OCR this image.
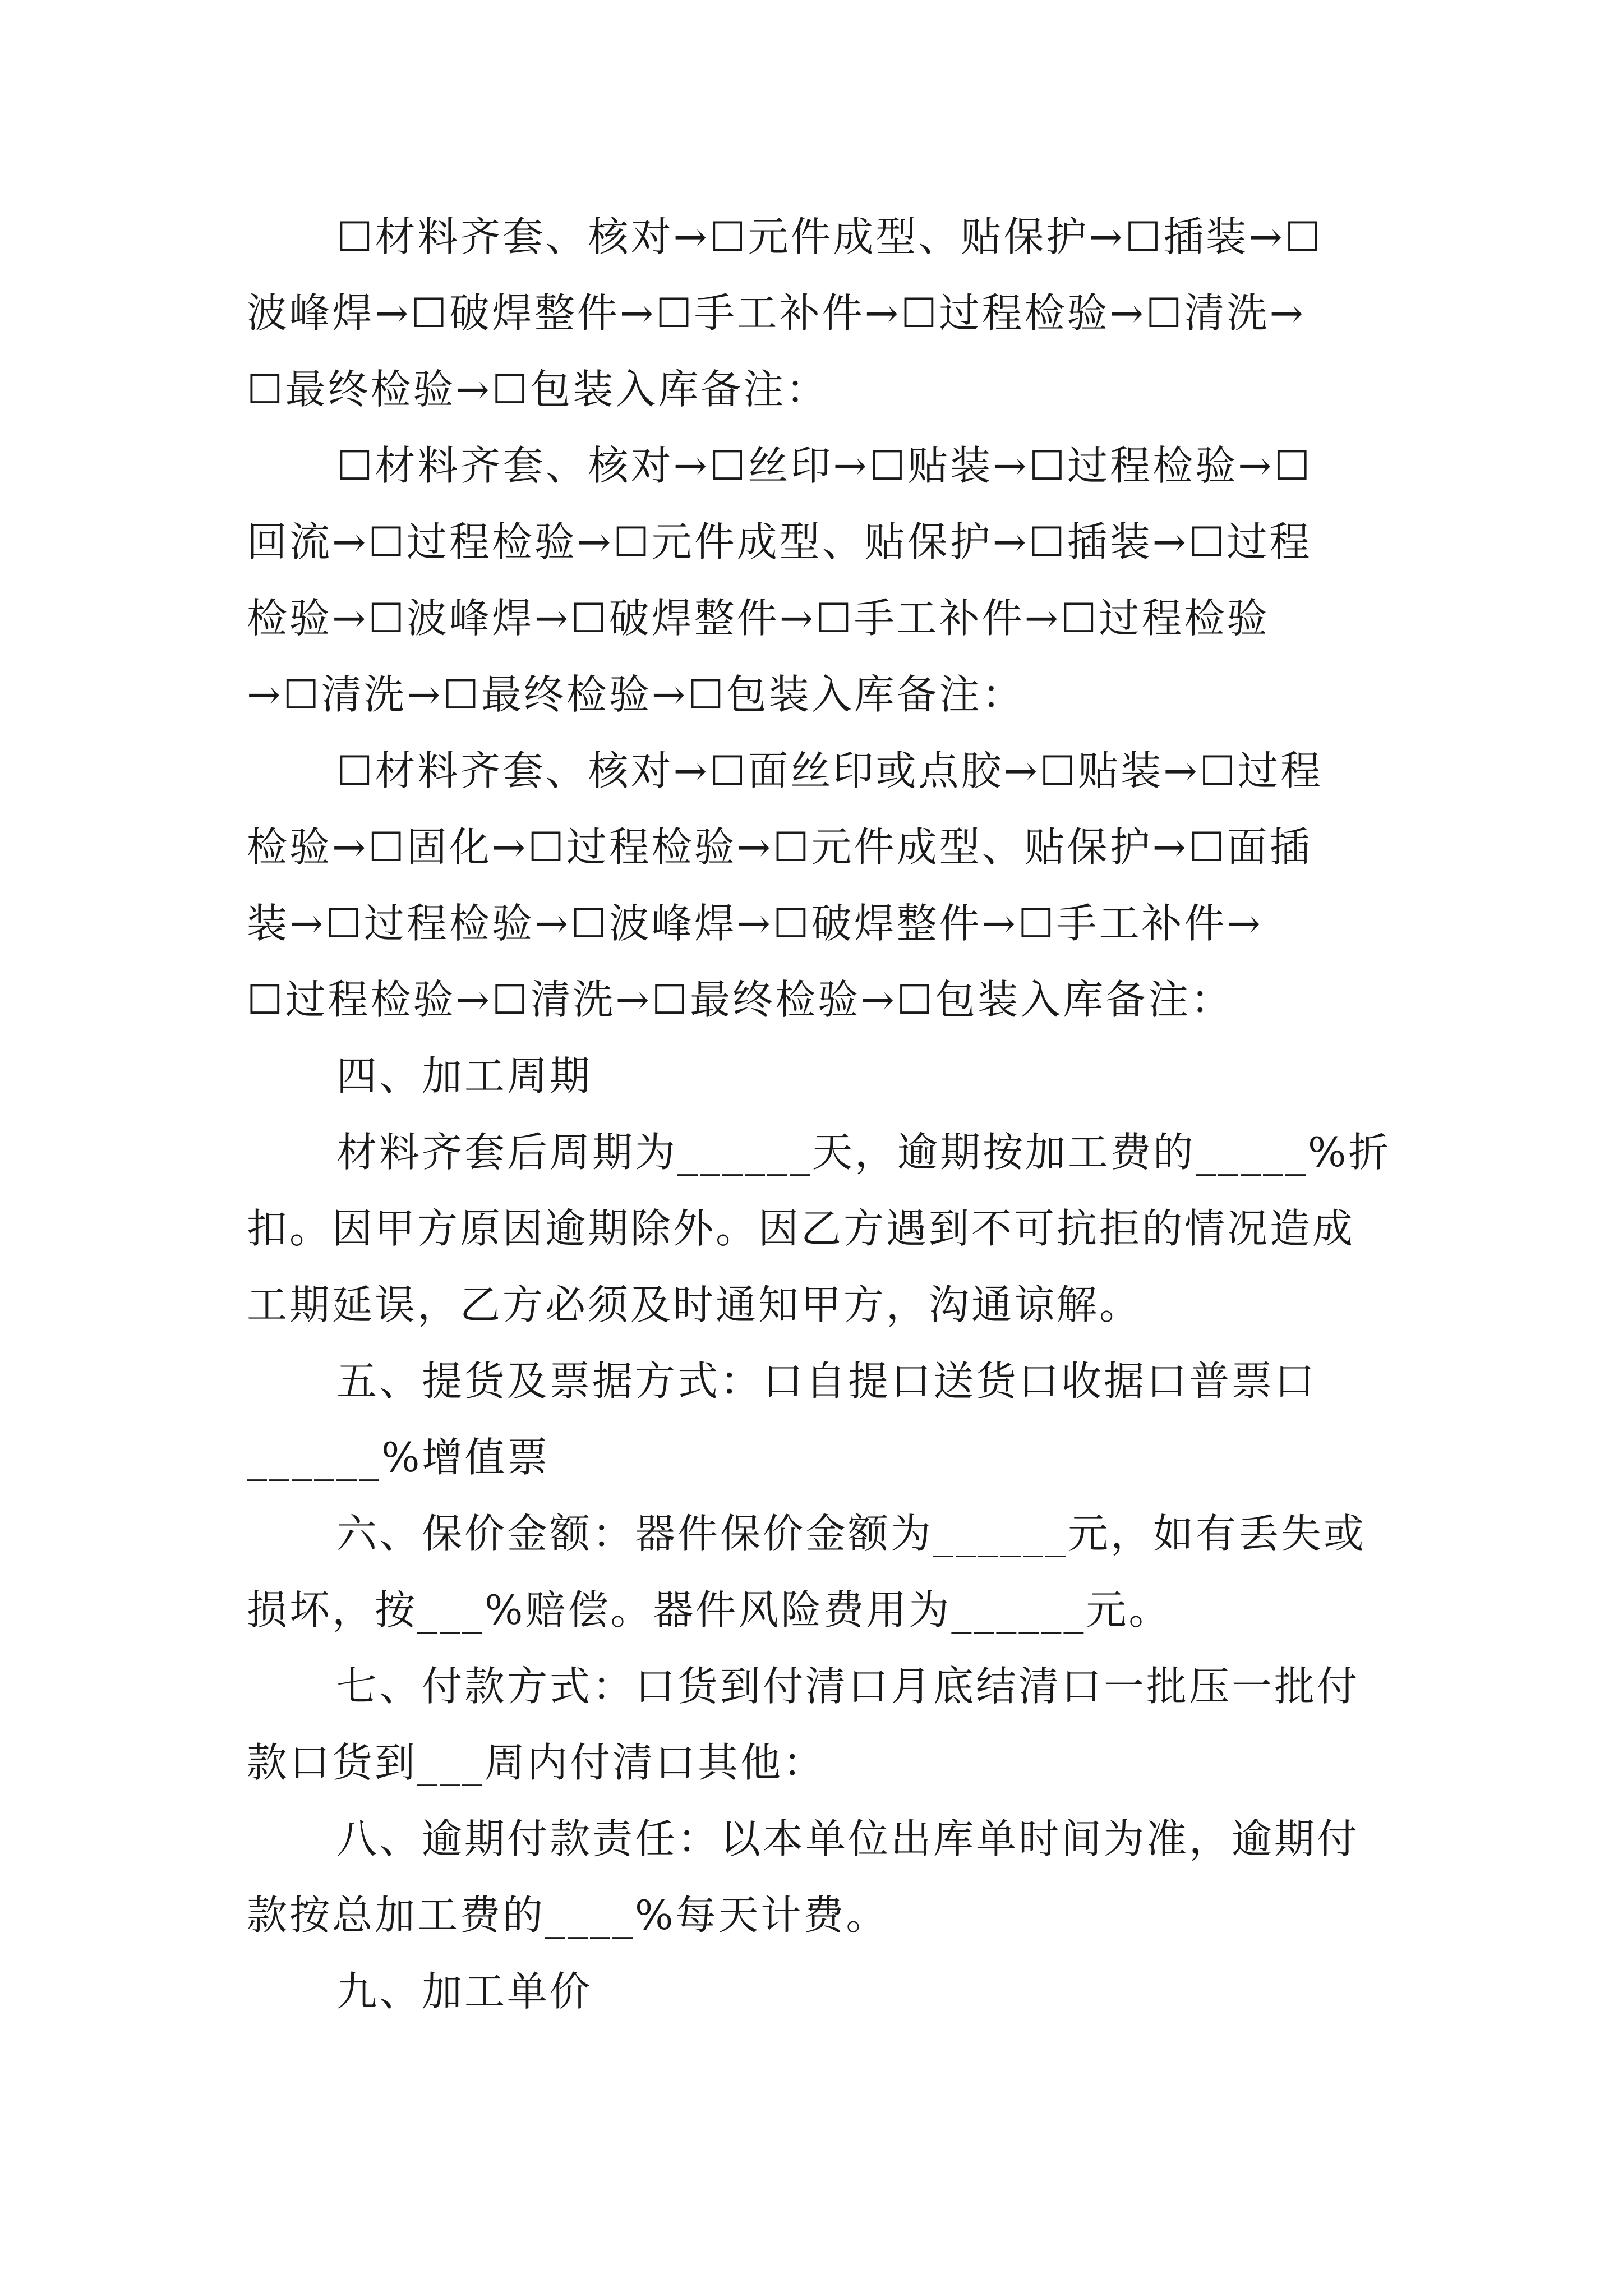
☐材料齐套、核对→☐元件成型、贴保护→☐插装→☐

波峰焊→☐破焊整件→☐手工补件→☐过程检验→☐清洗→

☐最终检验→☐包装入库备注：

☐材料齐套、核对→☐丝印→☐贴装→☐过程检验→☐

回流→☐过程检验→☐元件成型、贴保护→☐插装→☐过程

检验→☐波峰焊→☐破焊整件→☐手工补件→☐过程检验

→☐清洗→☐最终检验→☐包装入库备注：

☐材料齐套、核对→☐面丝印或点胶→☐贴装→☐过程

检验→☐固化→☐过程检验→☐元件成型、贴保护→☐面插

装→☐过程检验→☐波峰焊→☐破焊整件→☐手工补件→

☐过程检验→☐清洗→☐最终检验→☐包装入库备注：

四、加工周期

材料齐套后周期为______天，逾期按加工费的_____%折

扣。因甲方原因逾期除外。因乙方遇到不可抗拒的情况造成

工期延误，乙方必须及时通知甲方，沟通谅解。

五、提货及票据方式：口自提口送货口收据口普票口

______%增值票

六、保价金额：器件保价金额为______元，如有丢失或

损坏，按___%赔偿。器件风险费用为______元。

七、付款方式：口货到付清口月底结清口一批压一批付

款口货到___周内付清口其他：

八、逾期付款责任：以本单位出库单时间为准，逾期付

款按总加工费的____%每天计费。

九、加工单价
